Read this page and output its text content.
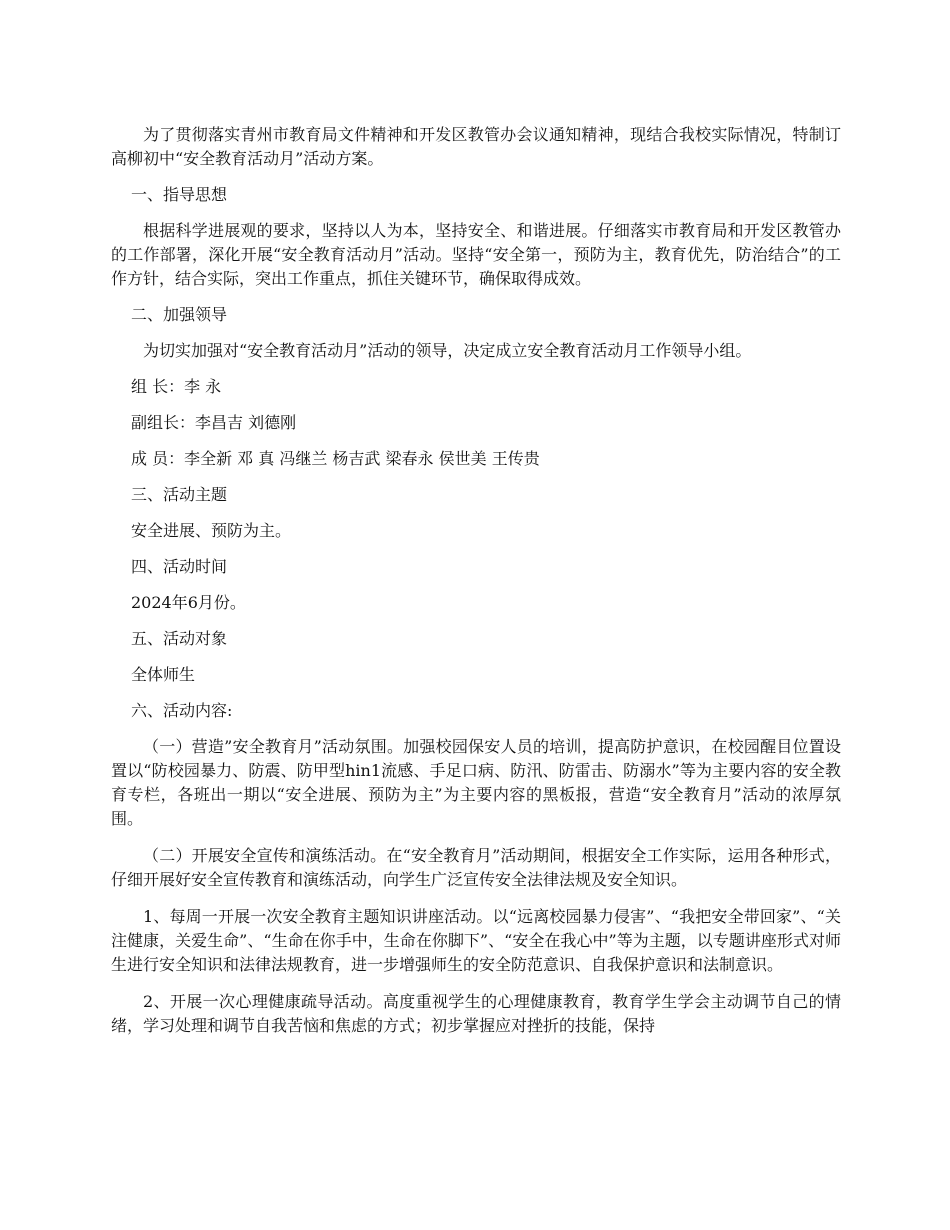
为了贯彻落实青州市教育局文件精神和开发区教管办会议通知精神，现结合我校实际情况，特制订高柳初中“安全教育活动月”活动方案。

一、指导思想

根据科学进展观的要求，坚持以人为本，坚持安全、和谐进展。仔细落实市教育局和开发区教管办的工作部署，深化开展“安全教育活动月”活动。坚持“安全第一，预防为主，教育优先，防治结合”的工作方针，结合实际，突出工作重点，抓住关键环节，确保取得成效。

二、加强领导

为切实加强对“安全教育活动月”活动的领导，决定成立安全教育活动月工作领导小组。

组 长：李 永

副组长：李昌吉 刘德刚

成 员：李全新 邓 真 冯继兰 杨吉武 梁春永 侯世美 王传贵

三、活动主题

安全进展、预防为主。

四、活动时间

2024年6月份。

五、活动对象

全体师生

六、活动内容:

（一）营造”安全教育月”活动氛围。加强校园保安人员的培训，提高防护意识，在校园醒目位置设置以“防校园暴力、防震、防甲型hin1流感、手足口病、防汛、防雷击、防溺水”等为主要内容的安全教育专栏，各班出一期以“安全进展、预防为主”为主要内容的黑板报，营造“安全教育月”活动的浓厚氛围。

（二）开展安全宣传和演练活动。在“安全教育月”活动期间，根据安全工作实际，运用各种形式，仔细开展好安全宣传教育和演练活动，向学生广泛宣传安全法律法规及安全知识。

1、每周一开展一次安全教育主题知识讲座活动。以“远离校园暴力侵害”、“我把安全带回家”、“关注健康，关爱生命”、“生命在你手中，生命在你脚下”、“安全在我心中”等为主题，以专题讲座形式对师生进行安全知识和法律法规教育，进一步增强师生的安全防范意识、自我保护意识和法制意识。

2、开展一次心理健康疏导活动。高度重视学生的心理健康教育，教育学生学会主动调节自己的情绪，学习处理和调节自我苦恼和焦虑的方式；初步掌握应对挫折的技能，保持
